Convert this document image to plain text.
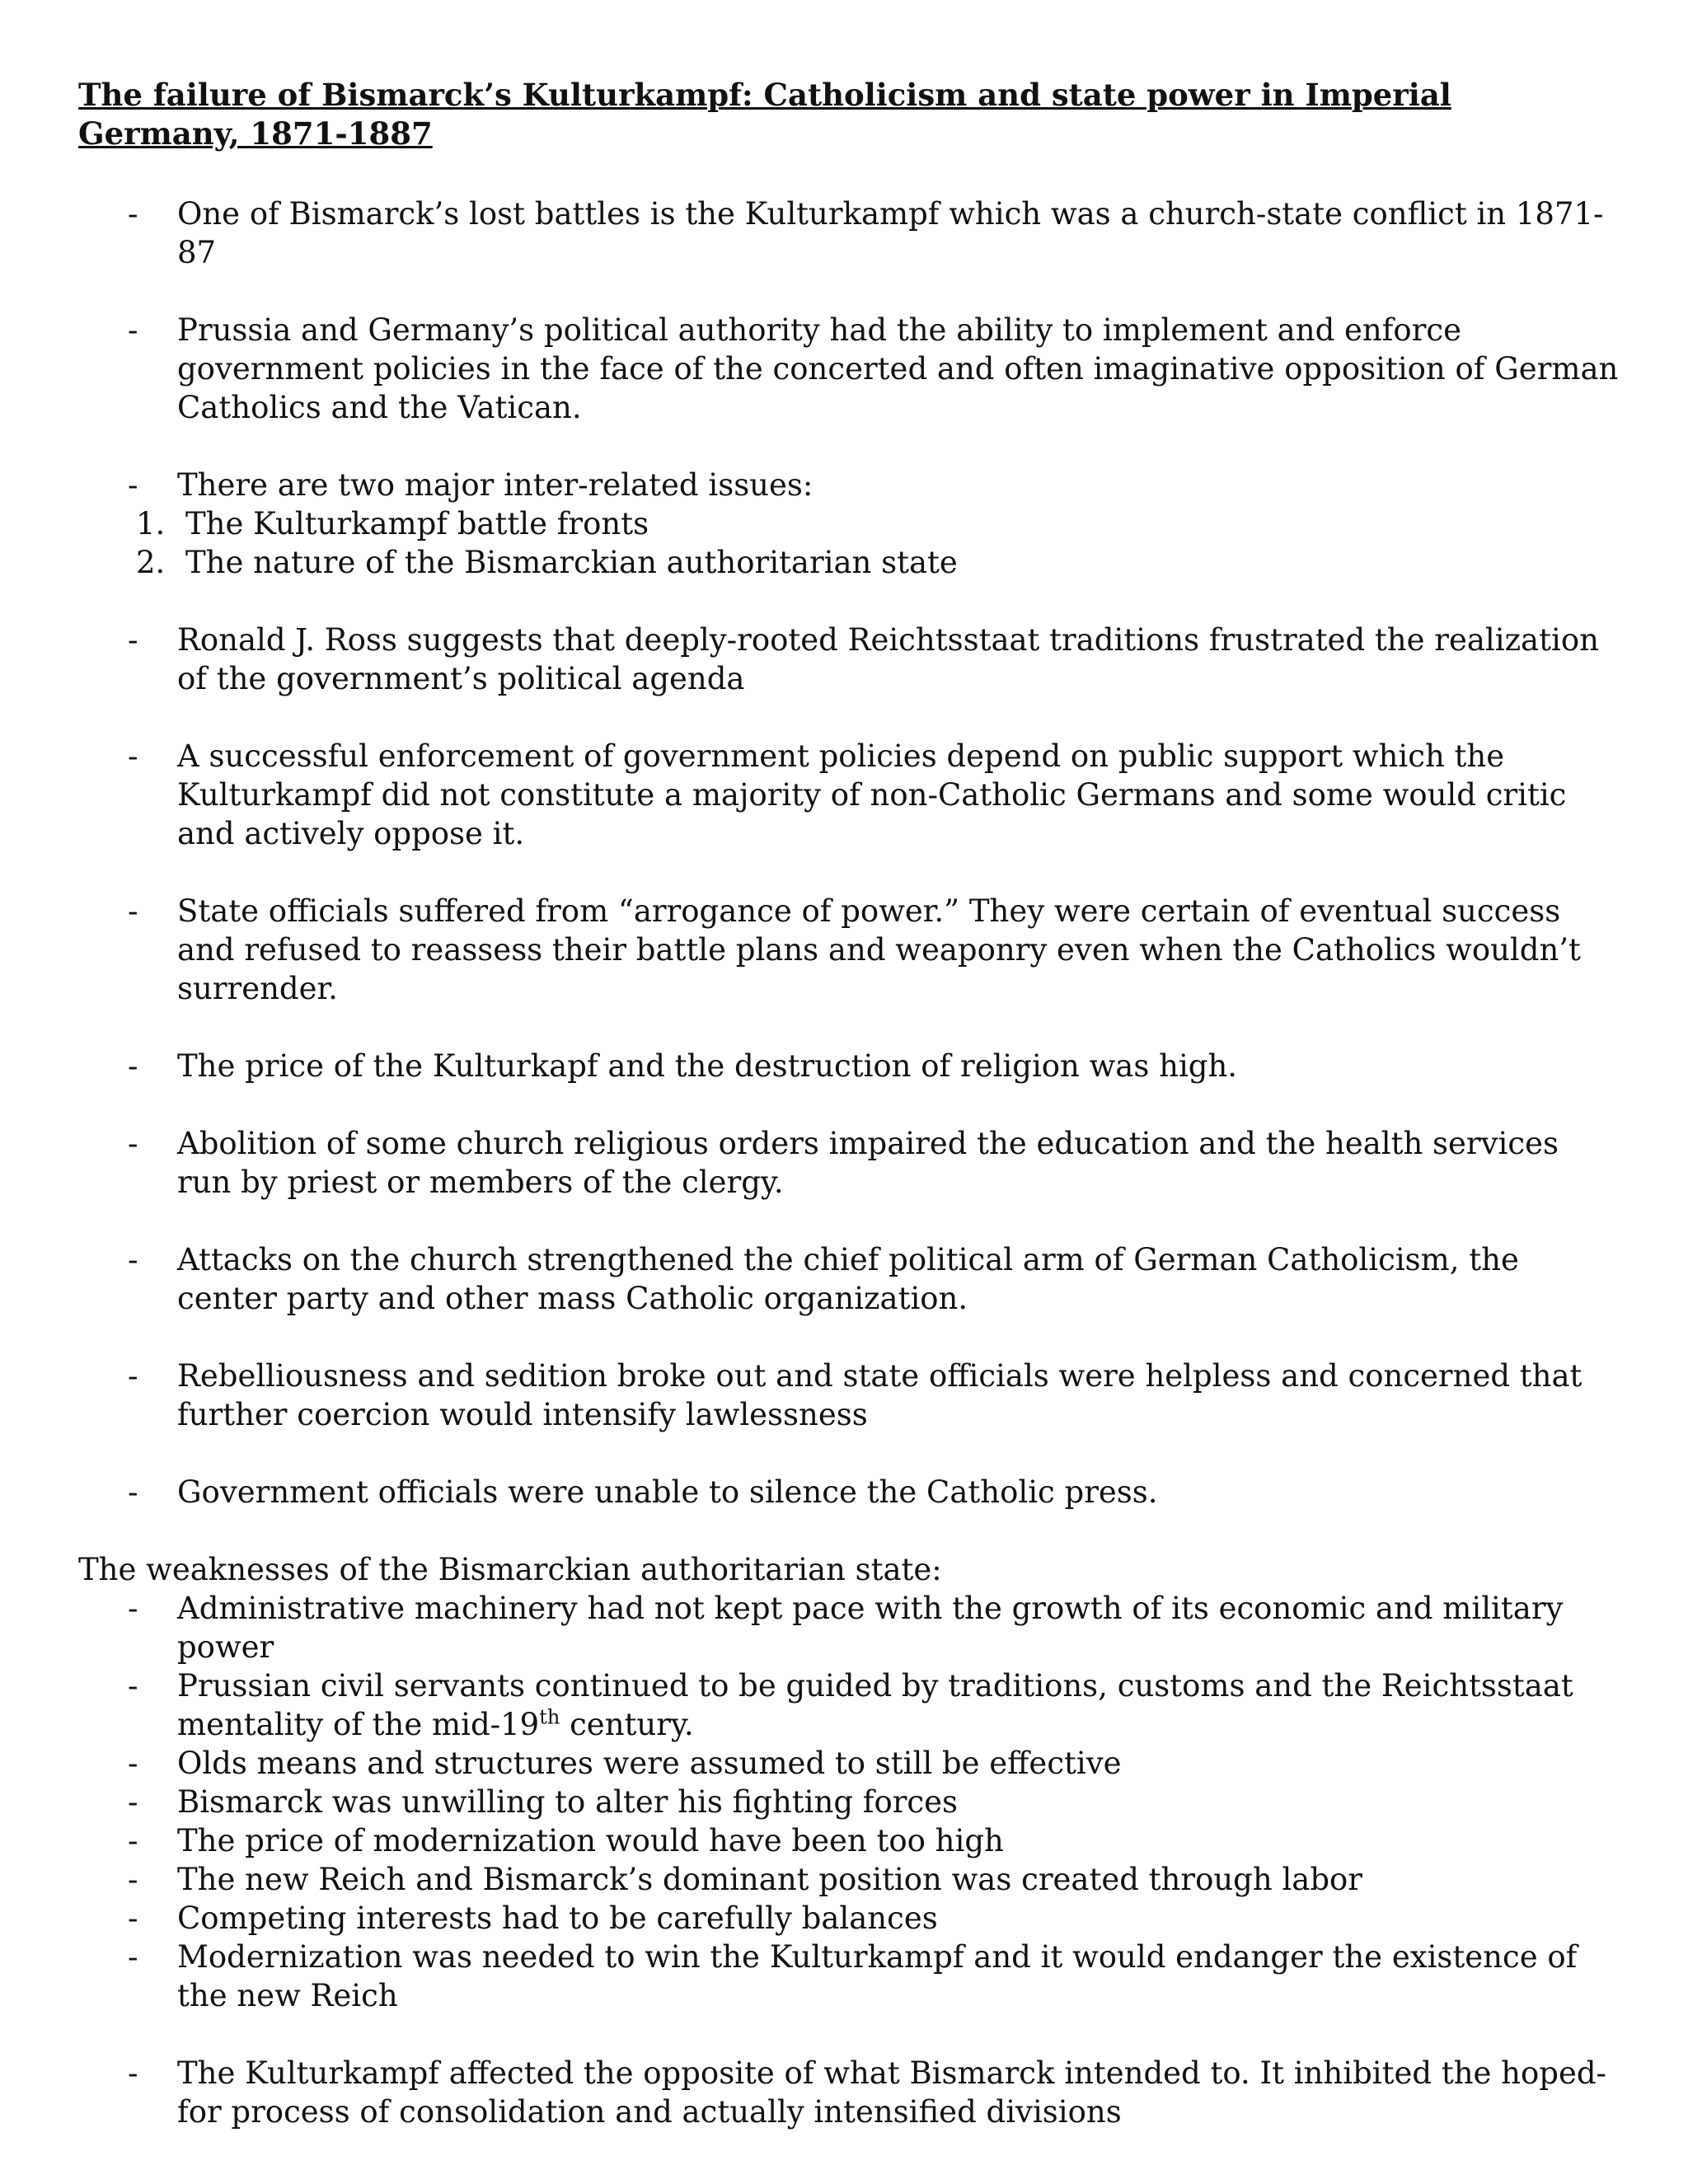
The failure of Bismarck’s Kulturkampf: Catholicism and state power in Imperial Germany, 1871-1887
- One of Bismarck’s lost battles is the Kulturkampf which was a church-state conflict in 1871-87
- Prussia and Germany’s political authority had the ability to implement and enforce government policies in the face of the concerted and often imaginative opposition of German Catholics and the Vatican.
- There are two major inter-related issues:
1. The Kulturkampf battle fronts
2. The nature of the Bismarckian authoritarian state
- Ronald J. Ross suggests that deeply-rooted Reichtsstaat traditions frustrated the realization of the government’s political agenda
- A successful enforcement of government policies depend on public support which the Kulturkampf did not constitute a majority of non-Catholic Germans and some would critic and actively oppose it.
- State officials suffered from “arrogance of power.” They were certain of eventual success and refused to reassess their battle plans and weaponry even when the Catholics wouldn’t surrender.
- The price of the Kulturkapf and the destruction of religion was high.
- Abolition of some church religious orders impaired the education and the health services run by priest or members of the clergy.
- Attacks on the church strengthened the chief political arm of German Catholicism, the center party and other mass Catholic organization.
- Rebelliousness and sedition broke out and state officials were helpless and concerned that further coercion would intensify lawlessness
- Government officials were unable to silence the Catholic press.
The weaknesses of the Bismarckian authoritarian state:
- Administrative machinery had not kept pace with the growth of its economic and military power
- Prussian civil servants continued to be guided by traditions, customs and the Reichtsstaat mentality of the mid-19th century.
- Olds means and structures were assumed to still be effective
- Bismarck was unwilling to alter his fighting forces
- The price of modernization would have been too high
- The new Reich and Bismarck’s dominant position was created through labor
- Competing interests had to be carefully balances
- Modernization was needed to win the Kulturkampf and it would endanger the existence of the new Reich
- The Kulturkampf affected the opposite of what Bismarck intended to. It inhibited the hoped-for process of consolidation and actually intensified divisions
